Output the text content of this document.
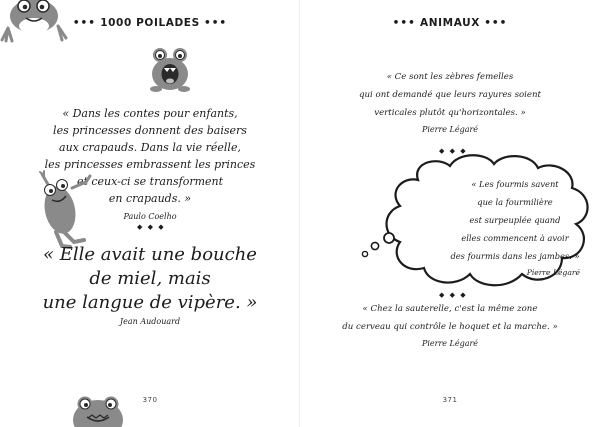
••• 1000 POILADES •••
« Dans les contes pour enfants,
les princesses donnent des baisers
aux crapauds. Dans la vie réelle,
les princesses embrassent les princes
et ceux-ci se transforment
en crapauds. »
Paulo Coelho
◆ ◆ ◆
« Elle avait une bouche
de miel, mais
une langue de vipère. »
Jean Audouard
370
••• ANIMAUX •••
« Ce sont les zèbres femelles
qui ont demandé que leurs rayures soient
verticales plutôt qu'horizontales. »
Pierre Légaré
◆ ◆ ◆
« Les fourmis savent
que la fourmilière
est surpeuplée quand
elles commencent à avoir
des fourmis dans les jambes. »
Pierre Légaré
◆ ◆ ◆
« Chez la sauterelle, c'est la même zone
du cerveau qui contrôle le hoquet et la marche. »
Pierre Légaré
371
